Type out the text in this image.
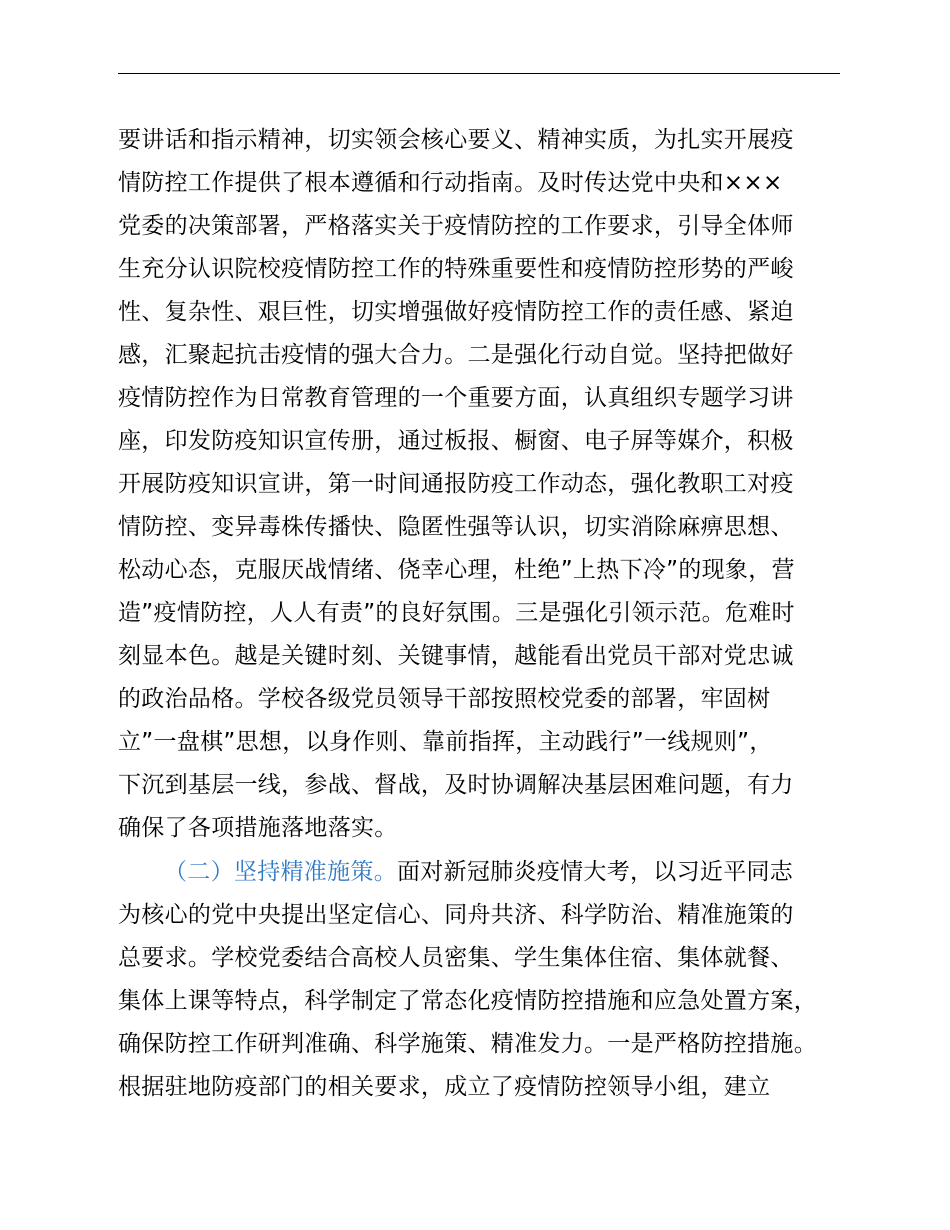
要讲话和指示精神，切实领会核心要义、精神实质，为扎实开展疫
情防控工作提供了根本遵循和行动指南。及时传达党中央和×××
党委的决策部署，严格落实关于疫情防控的工作要求，引导全体师
生充分认识院校疫情防控工作的特殊重要性和疫情防控形势的严峻
性、复杂性、艰巨性，切实增强做好疫情防控工作的责任感、紧迫
感，汇聚起抗击疫情的强大合力。二是强化行动自觉。坚持把做好
疫情防控作为日常教育管理的一个重要方面，认真组织专题学习讲
座，印发防疫知识宣传册，通过板报、橱窗、电子屏等媒介，积极
开展防疫知识宣讲，第一时间通报防疫工作动态，强化教职工对疫
情防控、变异毒株传播快、隐匿性强等认识，切实消除麻痹思想、
松动心态，克服厌战情绪、侥幸心理，杜绝”上热下冷”的现象，营
造”疫情防控，人人有责”的良好氛围。三是强化引领示范。危难时
刻显本色。越是关键时刻、关键事情，越能看出党员干部对党忠诚
的政治品格。学校各级党员领导干部按照校党委的部署，牢固树
立”一盘棋”思想，以身作则、靠前指挥，主动践行”一线规则”，
下沉到基层一线，参战、督战，及时协调解决基层困难问题，有力
确保了各项措施落地落实。
（二）坚持精准施策。面对新冠肺炎疫情大考，以习近平同志
为核心的党中央提出坚定信心、同舟共济、科学防治、精准施策的
总要求。学校党委结合高校人员密集、学生集体住宿、集体就餐、
集体上课等特点，科学制定了常态化疫情防控措施和应急处置方案，
确保防控工作研判准确、科学施策、精准发力。一是严格防控措施。
根据驻地防疫部门的相关要求，成立了疫情防控领导小组，建立
